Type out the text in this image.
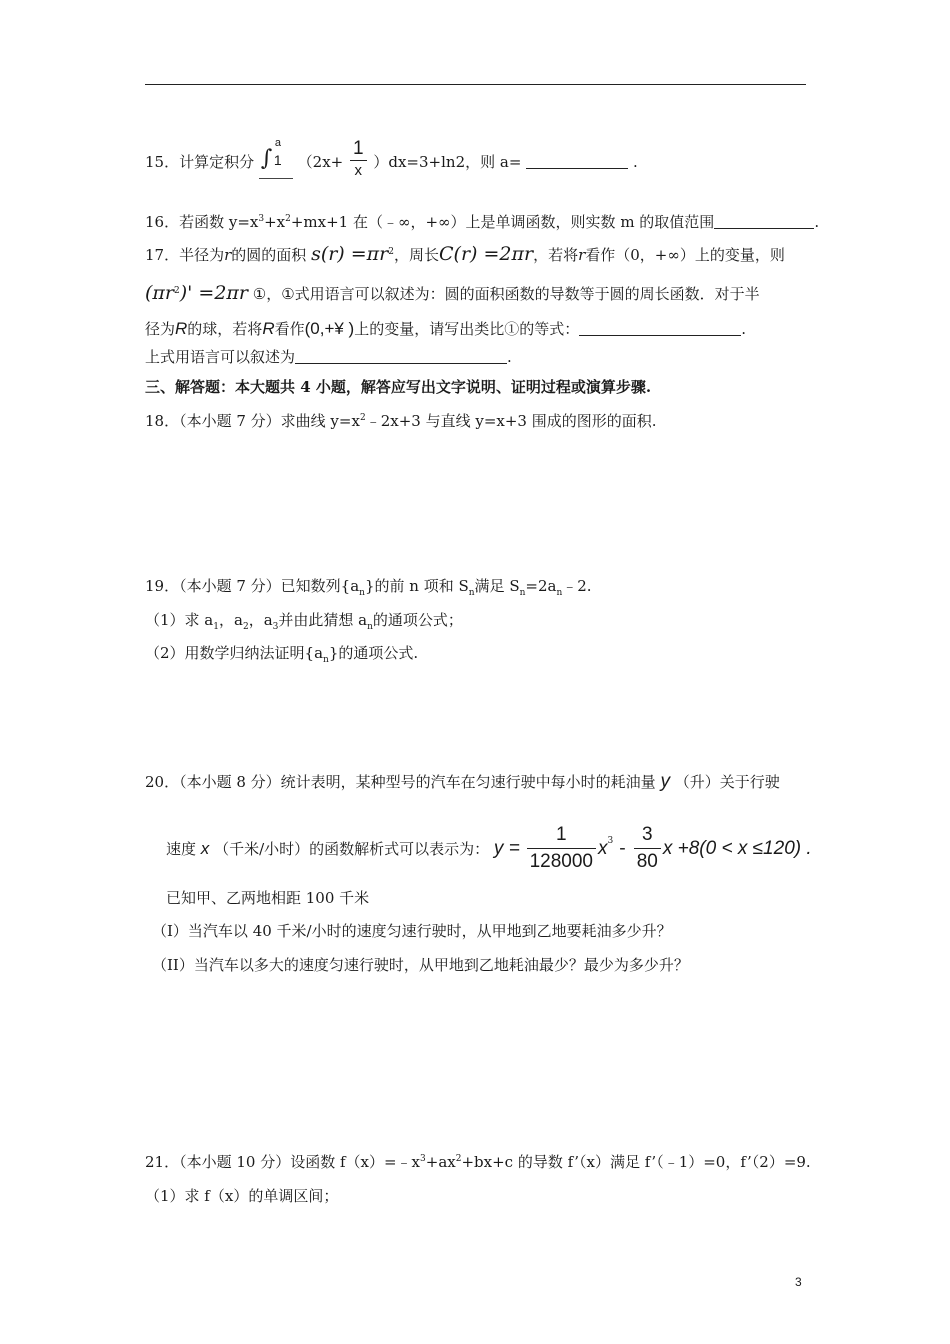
15．计算定积分 ∫
a
1 $(2x+ \frac{1}{x} )dx=3+\ln 2$，则 a=	.
16．若函数 $y=x^3+x^2+mx+1$ 在（﹣∞，+∞）上是单调函数，则实数 m 的取值范围	.
17．半径为r的圆的面积 $s(r) =\pi r^2$，周长C(r) =2πr，若将r看作（0，+∞）上的变量，则
$(\pi r^2)' =2\pi r$ ①，①式用语言可以叙述为：圆的面积函数的导数等于圆的周长函数．对于半
径为R的球，若将R看作(0,+¥ )上的变量，请写出类比①的等式：	.
上式用语言可以叙述为	.
三、解答题：本大题共 4 小题，解答应写出文字说明、证明过程或演算步骤.
18．（本小题 7 分）求曲线 $y=x^2﹣2x+3$ 与直线 y=x+3 围成的图形的面积.
19．（本小题 7 分）已知数列$\{a_n\}$的前 n 项和 $S_n$满足 $S_n=2a_n﹣2$.
（1）求 $a_1$，$a_2$，$a_3$并由此猜想 $a_n$的通项公式；
（2）用数学归纳法证明$\{a_n\}$的通项公式.
20．（本小题 8 分）统计表明，某种型号的汽车在匀速行驶中每小时的耗油量 y （升）关于行驶
速度 x （千米/小时）的函数解析式可以表示为： $y = \frac{1}{128000} x^3 - \frac{3}{80}$ x +8(0 < x ≤120) .
已知甲、乙两地相距 100 千米
（Ⅰ）当汽车以 40 千米/小时的速度匀速行驶时，从甲地到乙地要耗油多少升？
（II）当汽车以多大的速度匀速行驶时，从甲地到乙地耗油最少？最少为多少升？
21．（本小题 10 分）设函数 $f(x)=﹣x^3+ax^2+bx+c$ 的导数 f’（x）满足 f’（﹣1）=0，f’（2）=9.
（1）求 f（x）的单调区间；
3
